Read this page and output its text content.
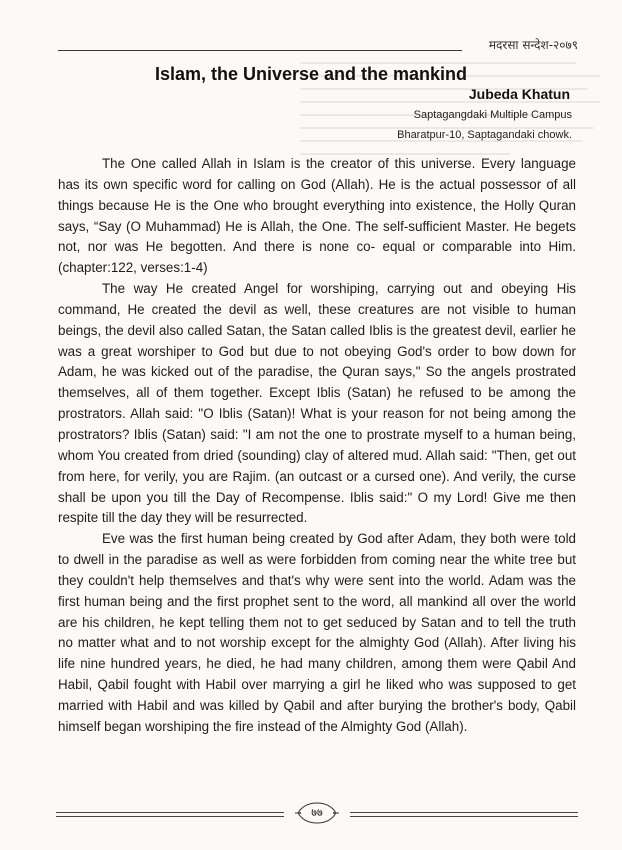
मदरसा सन्देश-२०७९
Islam, the Universe and the mankind
Jubeda Khatun
Saptagangdaki Multiple Campus
Bharatpur-10, Saptagandaki chowk.

The One called Allah in Islam is the creator of this universe. Every language has its own specific word for calling on God (Allah). He is the actual possessor of all things because He is the One who brought everything into existence, the Holly Quran says, “Say (O Muhammad) He is Allah, the One. The self-sufficient Master. He begets not, nor was He begotten. And there is none co- equal or comparable into Him.(chapter:122, verses:1-4)

The way He created Angel for worshiping, carrying out and obeying His command, He created the devil as well, these creatures are not visible to human beings, the devil also called Satan, the Satan called Iblis is the greatest devil, earlier he was a great worshiper to God but due to not obeying God's order to bow down for Adam, he was kicked out of the paradise, the Quran says," So the angels prostrated themselves, all of them together. Except Iblis (Satan) he refused to be among the prostrators. Allah said: "O Iblis (Satan)! What is your reason for not being among the prostrators? Iblis (Satan) said: "I am not the one to prostrate myself to a human being, whom You created from dried (sounding) clay of altered mud. Allah said: "Then, get out from here, for verily, you are Rajim. (an outcast or a cursed one). And verily, the curse shall be upon you till the Day of Recompense. Iblis said:" O my Lord! Give me then respite till the day they will be resurrected.

Eve was the first human being created by God after Adam, they both were told to dwell in the paradise as well as were forbidden from coming near the white tree but they couldn't help themselves and that's why were sent into the world. Adam was the first human being and the first prophet sent to the word, all mankind all over the world are his children, he kept telling them not to get seduced by Satan and to tell the truth no matter what and to not worship except for the almighty God (Allah). After living his life nine hundred years, he died, he had many children, among them were Qabil And Habil, Qabil fought with Habil over marrying a girl he liked who was supposed to get married with Habil and was killed by Qabil and after burying the brother's body, Qabil himself began worshiping the fire instead of the Almighty God (Allah).

७७
